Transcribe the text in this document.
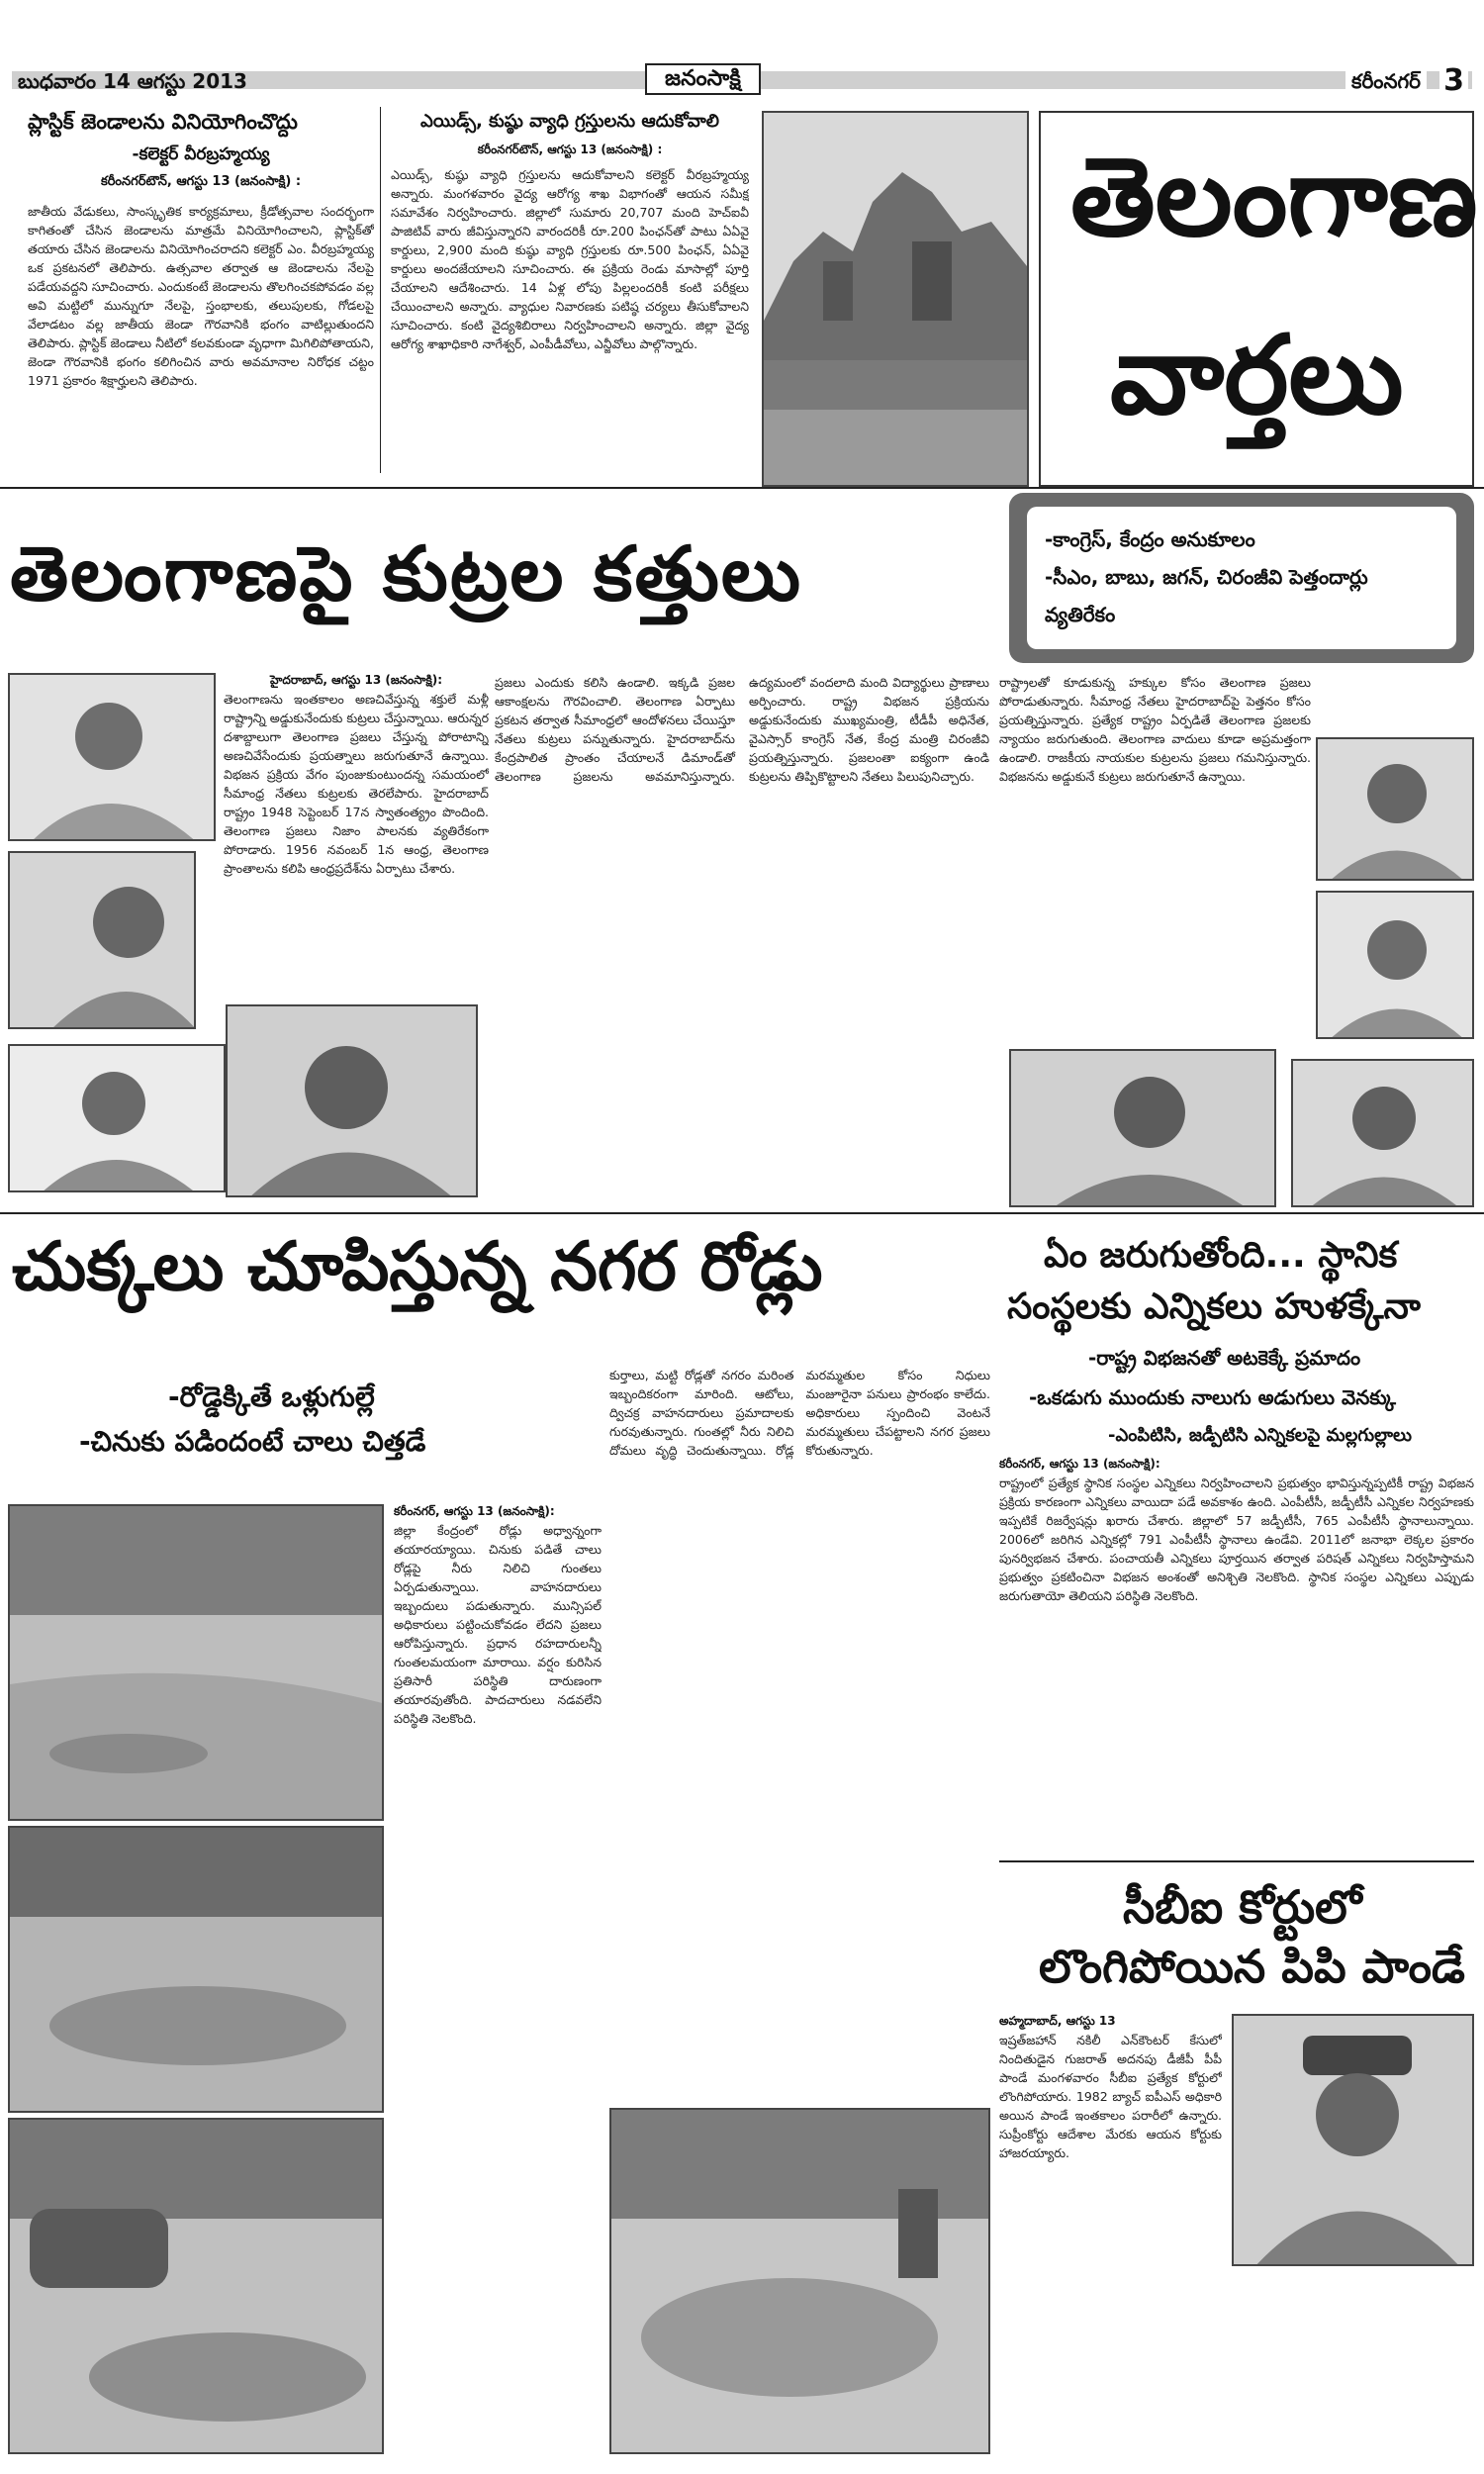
బుధవారం 14 ఆగస్టు 2013	జనంసాక్షి	కరీంనగర్ 3
ప్లాస్టిక్ జెండాలను వినియోగించొద్దు
-కలెక్టర్ వీరబ్రహ్మయ్య
కరీంనగర్‌టౌన్, ఆగస్టు 13 (జనంసాక్షి) :
జాతీయ వేడుకలు, సాంస్కృతిక కార్యక్రమాలు, క్రీడోత్సవాల సందర్భంగా కాగితంతో చేసిన జెండాలను మాత్రమే వినియోగించాలని, ప్లాస్టిక్‌తో తయారు చేసిన జెండాలను వినియోగించరాదని కలెక్టర్ ఎం. వీరబ్రహ్మయ్య ఒక ప్రకటనలో తెలిపారు. ఉత్సవాల తర్వాత ఆ జెండాలను నేలపై పడేయవద్దని సూచించారు. ఎందుకంటే జెండాలను తొలగించకపోవడం వల్ల అవి మట్టిలో మున్నుగూ నేలపై, స్తంభాలకు, తలుపులకు, గోడలపై వేలాడటం వల్ల జాతీయ జెండా గౌరవానికి భంగం వాటిల్లుతుందని తెలిపారు. ప్లాస్టిక్ జెండాలు నీటిలో కలవకుండా వృధాగా మిగిలిపోతాయని, జెండా గౌరవానికి భంగం కలిగించిన వారు అవమానాల నిరోధక చట్టం 1971 ప్రకారం శిక్షార్హులని తెలిపారు.
ఎయిడ్స్, కుష్ఠు వ్యాధి గ్రస్తులను ఆదుకోవాలి
కరీంనగర్‌టౌన్, ఆగస్టు 13 (జనంసాక్షి) :
ఎయిడ్స్, కుష్ఠు వ్యాధి గ్రస్తులను ఆదుకోవాలని కలెక్టర్ వీరబ్రహ్మయ్య అన్నారు. మంగళవారం వైద్య ఆరోగ్య శాఖ విభాగంతో ఆయన సమీక్ష సమావేశం నిర్వహించారు. జిల్లాలో సుమారు 20,707 మంది హెచ్ఐవీ పాజిటివ్ వారు జీవిస్తున్నారని వారందరికీ రూ.200 పింఛన్‌తో పాటు ఏఏవై కార్డులు, 2,900 మంది కుష్ఠు వ్యాధి గ్రస్తులకు రూ.500 పింఛన్, ఏఏవై కార్డులు అందజేయాలని సూచించారు. ఈ ప్రక్రియ రెండు మాసాల్లో పూర్తి చేయాలని ఆదేశించారు. 14 ఏళ్ల లోపు పిల్లలందరికీ కంటి పరీక్షలు చేయించాలని అన్నారు. వ్యాధుల నివారణకు పటిష్ఠ చర్యలు తీసుకోవాలని సూచించారు. కంటి వైద్యశిబిరాలు నిర్వహించాలని అన్నారు. జిల్లా వైద్య ఆరోగ్య శాఖాధికారి నాగేశ్వర్, ఎంపీడీవోలు, ఎన్జీవోలు పాల్గొన్నారు.
తెలంగాణ
వార్తలు
తెలంగాణపై కుట్రల కత్తులు	-కాంగ్రెస్, కేంద్రం అనుకూలం
-సీఎం, బాబు, జగన్, చిరంజీవి పెత్తందార్లు
వ్యతిరేకం
హైదరాబాద్, ఆగస్టు 13 (జనంసాక్షి):
తెలంగాణను ఇంతకాలం అణచివేస్తున్న శక్తులే మళ్లీ రాష్ట్రాన్ని అడ్డుకునేందుకు కుట్రలు చేస్తున్నాయి. ఆరున్నర దశాబ్దాలుగా తెలంగాణ ప్రజలు చేస్తున్న పోరాటాన్ని అణచివేసేందుకు ప్రయత్నాలు జరుగుతూనే ఉన్నాయి. విభజన ప్రక్రియ వేగం పుంజుకుంటుందన్న సమయంలో సీమాంధ్ర నేతలు కుట్రలకు తెరలేపారు. హైదరాబాద్ రాష్ట్రం 1948 సెప్టెంబర్ 17న స్వాతంత్య్రం పొందింది. తెలంగాణ ప్రజలు నిజాం పాలనకు వ్యతిరేకంగా పోరాడారు. 1956 నవంబర్ 1న ఆంధ్ర, తెలంగాణ ప్రాంతాలను కలిపి ఆంధ్రప్రదేశ్‌ను ఏర్పాటు చేశారు.
ప్రజలు ఎందుకు కలిసి ఉండాలి. ఇక్కడి ప్రజల ఆకాంక్షలను గౌరవించాలి. తెలంగాణ ఏర్పాటు ప్రకటన తర్వాత సీమాంధ్రలో ఆందోళనలు చేయిస్తూ నేతలు కుట్రలు పన్నుతున్నారు. హైదరాబాద్‌ను కేంద్రపాలిత ప్రాంతం చేయాలనే డిమాండ్‌తో తెలంగాణ ప్రజలను అవమానిస్తున్నారు. ఉద్యమంలో వందలాది మంది విద్యార్థులు ప్రాణాలు అర్పించారు. రాష్ట్ర విభజన ప్రక్రియను అడ్డుకునేందుకు ముఖ్యమంత్రి, టీడీపీ అధినేత, వైఎస్సార్ కాంగ్రెస్ నేత, కేంద్ర మంత్రి చిరంజీవి ప్రయత్నిస్తున్నారు. ప్రజలంతా ఐక్యంగా ఉండి కుట్రలను తిప్పికొట్టాలని నేతలు పిలుపునిచ్చారు.
రాష్ట్రాలతో కూడుకున్న హక్కుల కోసం తెలంగాణ ప్రజలు పోరాడుతున్నారు. సీమాంధ్ర నేతలు హైదరాబాద్‌పై పెత్తనం కోసం ప్రయత్నిస్తున్నారు. ప్రత్యేక రాష్ట్రం ఏర్పడితే తెలంగాణ ప్రజలకు న్యాయం జరుగుతుంది. తెలంగాణ వాదులు కూడా అప్రమత్తంగా ఉండాలి. రాజకీయ నాయకుల కుట్రలను ప్రజలు గమనిస్తున్నారు. విభజనను అడ్డుకునే కుట్రలు జరుగుతూనే ఉన్నాయి.
చుక్కలు చూపిస్తున్న నగర రోడ్లు
-రోడ్డెక్కితే ఒళ్లుగుల్లే
-చినుకు పడిందంటే చాలు చిత్తడే
కరీంనగర్, ఆగస్టు 13 (జనంసాక్షి):
జిల్లా కేంద్రంలో రోడ్లు అధ్వాన్నంగా తయారయ్యాయి. చినుకు పడితే చాలు రోడ్లపై నీరు నిలిచి గుంతలు ఏర్పడుతున్నాయి. వాహనదారులు ఇబ్బందులు పడుతున్నారు. మున్సిపల్ అధికారులు పట్టించుకోవడం లేదని ప్రజలు ఆరోపిస్తున్నారు. ప్రధాన రహదారులన్నీ గుంతలమయంగా మారాయి. వర్షం కురిసిన ప్రతిసారీ పరిస్థితి దారుణంగా తయారవుతోంది. పాదచారులు నడవలేని పరిస్థితి నెలకొంది.
కుర్తాలు, మట్టి రోడ్లతో నగరం మరింత ఇబ్బందికరంగా మారింది. ఆటోలు, ద్విచక్ర వాహనదారులు ప్రమాదాలకు గురవుతున్నారు. గుంతల్లో నీరు నిలిచి దోమలు వృద్ధి చెందుతున్నాయి. రోడ్ల మరమ్మతుల కోసం నిధులు మంజూరైనా పనులు ప్రారంభం కాలేదు. అధికారులు స్పందించి వెంటనే మరమ్మతులు చేపట్టాలని నగర ప్రజలు కోరుతున్నారు.
ఏం జరుగుతోంది... స్థానిక
సంస్థలకు ఎన్నికలు హుళక్కేనా
-రాష్ట్ర విభజనతో అటకెక్కే ప్రమాదం
-ఒకడుగు ముందుకు నాలుగు అడుగులు వెనక్కు
-ఎంపిటిసి, జడ్పీటిసి ఎన్నికలపై మల్లగుల్లాలు
కరీంనగర్, ఆగస్టు 13 (జనంసాక్షి):
రాష్ట్రంలో ప్రత్యేక స్థానిక సంస్థల ఎన్నికలు నిర్వహించాలని ప్రభుత్వం భావిస్తున్నప్పటికీ రాష్ట్ర విభజన ప్రక్రియ కారణంగా ఎన్నికలు వాయిదా పడే అవకాశం ఉంది. ఎంపీటీసీ, జడ్పీటీసీ ఎన్నికల నిర్వహణకు ఇప్పటికే రిజర్వేషన్లు ఖరారు చేశారు. జిల్లాలో 57 జడ్పీటీసీ, 765 ఎంపీటీసీ స్థానాలున్నాయి. 2006లో జరిగిన ఎన్నికల్లో 791 ఎంపీటీసీ స్థానాలు ఉండేవి. 2011లో జనాభా లెక్కల ప్రకారం పునర్విభజన చేశారు. పంచాయతీ ఎన్నికలు పూర్తయిన తర్వాత పరిషత్ ఎన్నికలు నిర్వహిస్తామని ప్రభుత్వం ప్రకటించినా విభజన అంశంతో అనిశ్చితి నెలకొంది. స్థానిక సంస్థల ఎన్నికలు ఎప్పుడు జరుగుతాయో తెలియని పరిస్థితి నెలకొంది.
సీబీఐ కోర్టులో
లొంగిపోయిన పిపి పాండే
అహ్మదాబాద్, ఆగస్టు 13
ఇష్రత్‌జహాన్ నకిలీ ఎన్‌కౌంటర్ కేసులో నిందితుడైన గుజరాత్ అదనపు డీజీపీ పీపీ పాండే మంగళవారం సీబీఐ ప్రత్యేక కోర్టులో లొంగిపోయారు. 1982 బ్యాచ్ ఐపీఎస్ అధికారి అయిన పాండే ఇంతకాలం పరారీలో ఉన్నారు. సుప్రీంకోర్టు ఆదేశాల మేరకు ఆయన కోర్టుకు హాజరయ్యారు.
